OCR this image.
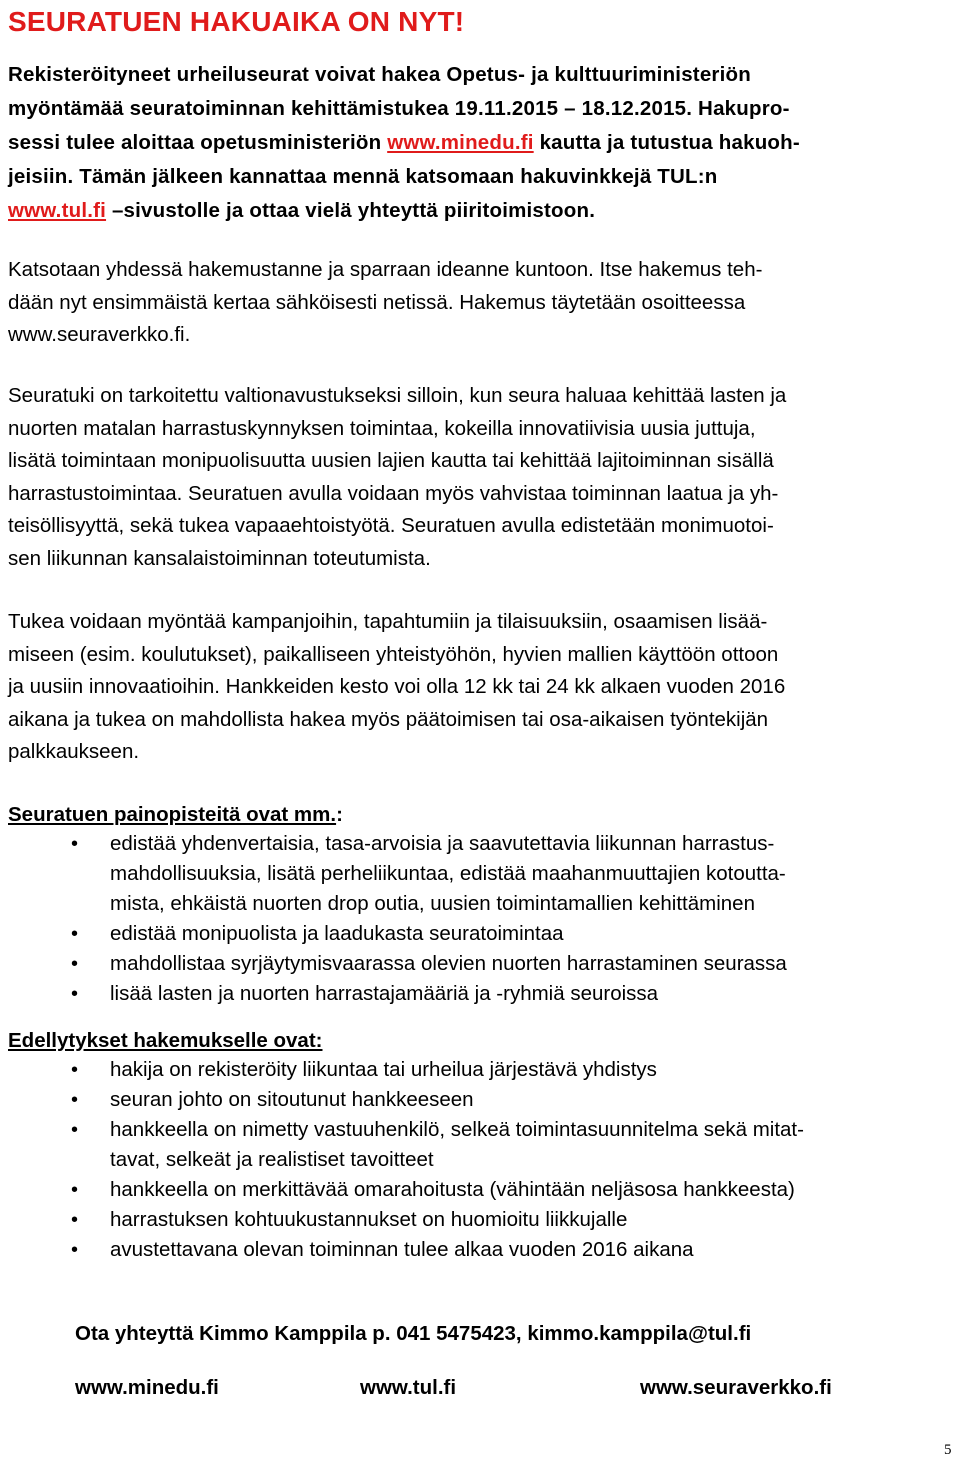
SEURATUEN HAKUAIKA ON NYT!
Rekisteröityneet urheiluseurat voivat hakea Opetus- ja kulttuuriministeriön
myöntämää seuratoiminnan kehittämistukea 19.11.2015 – 18.12.2015. Hakupro-
sessi tulee aloittaa opetusministeriön www.minedu.fi kautta ja tutustua hakuoh-
jeisiin. Tämän jälkeen kannattaa mennä katsomaan hakuvinkkejä TUL:n
www.tul.fi –sivustolle ja ottaa vielä yhteyttä piiritoimistoon.
Katsotaan yhdessä hakemustanne ja sparraan ideanne kuntoon. Itse hakemus teh-
dään nyt ensimmäistä kertaa sähköisesti netissä. Hakemus täytetään osoitteessa
www.seuraverkko.fi.
Seuratuki on tarkoitettu valtionavustukseksi silloin, kun seura haluaa kehittää lasten ja
nuorten matalan harrastuskynnyksen toimintaa, kokeilla innovatiivisia uusia juttuja,
lisätä toimintaan monipuolisuutta uusien lajien kautta tai kehittää lajitoiminnan sisällä
harrastustoimintaa. Seuratuen avulla voidaan myös vahvistaa toiminnan laatua ja yh-
teisöllisyyttä, sekä tukea vapaaehtoistyötä. Seuratuen avulla edistetään monimuotoi-
sen liikunnan kansalaistoiminnan toteutumista.
Tukea voidaan myöntää kampanjoihin, tapahtumiin ja tilaisuuksiin, osaamisen lisää-
miseen (esim. koulutukset), paikalliseen yhteistyöhön, hyvien mallien käyttöön ottoon
ja uusiin innovaatioihin. Hankkeiden kesto voi olla 12 kk tai 24 kk alkaen vuoden 2016
aikana ja tukea on mahdollista hakea myös päätoimisen tai osa-aikaisen työntekijän
palkkaukseen.
Seuratuen painopisteitä ovat mm.:
• edistää yhdenvertaisia, tasa-arvoisia ja saavutettavia liikunnan harrastus-
mahdollisuuksia, lisätä perheliikuntaa, edistää maahanmuuttajien kotoutta-
mista, ehkäistä nuorten drop outia, uusien toimintamallien kehittäminen
• edistää monipuolista ja laadukasta seuratoimintaa
• mahdollistaa syrjäytymisvaarassa olevien nuorten harrastaminen seurassa
• lisää lasten ja nuorten harrastajamääriä ja -ryhmiä seuroissa
Edellytykset hakemukselle ovat:
• hakija on rekisteröity liikuntaa tai urheilua järjestävä yhdistys
• seuran johto on sitoutunut hankkeeseen
• hankkeella on nimetty vastuuhenkilö, selkeä toimintasuunnitelma sekä mitat-
tavat, selkeät ja realistiset tavoitteet
• hankkeella on merkittävää omarahoitusta (vähintään neljäsosa hankkeesta)
• harrastuksen kohtuukustannukset on huomioitu liikkujalle
• avustettavana olevan toiminnan tulee alkaa vuoden 2016 aikana

Ota yhteyttä Kimmo Kamppila p. 041 5475423, kimmo.kamppila@tul.fi

www.minedu.fi	www.tul.fi	www.seuraverkko.fi
5
